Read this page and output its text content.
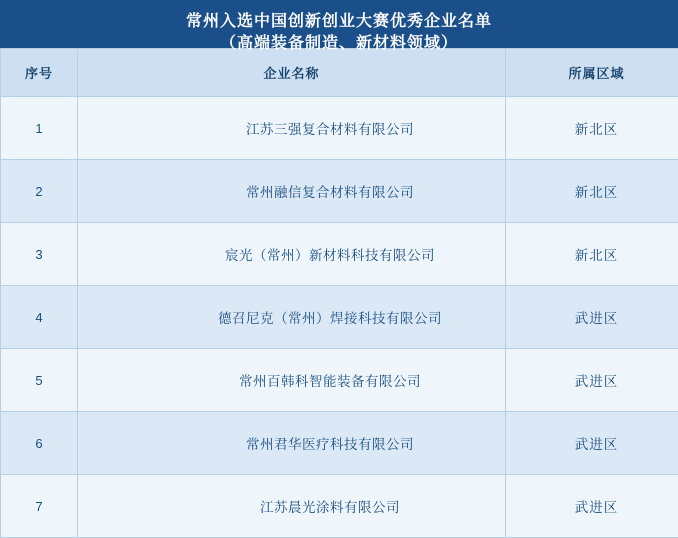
常州入选中国创新创业大赛优秀企业名单
（高端装备制造、新材料领域）
序号	企业名称	所属区域
1	江苏三强复合材料有限公司	新北区
2	常州融信复合材料有限公司	新北区
3	宸光（常州）新材料科技有限公司	新北区
4	德召尼克（常州）焊接科技有限公司	武进区
5	常州百韩科智能装备有限公司	武进区
6	常州君华医疗科技有限公司	武进区
7	江苏晨光涂料有限公司	武进区
